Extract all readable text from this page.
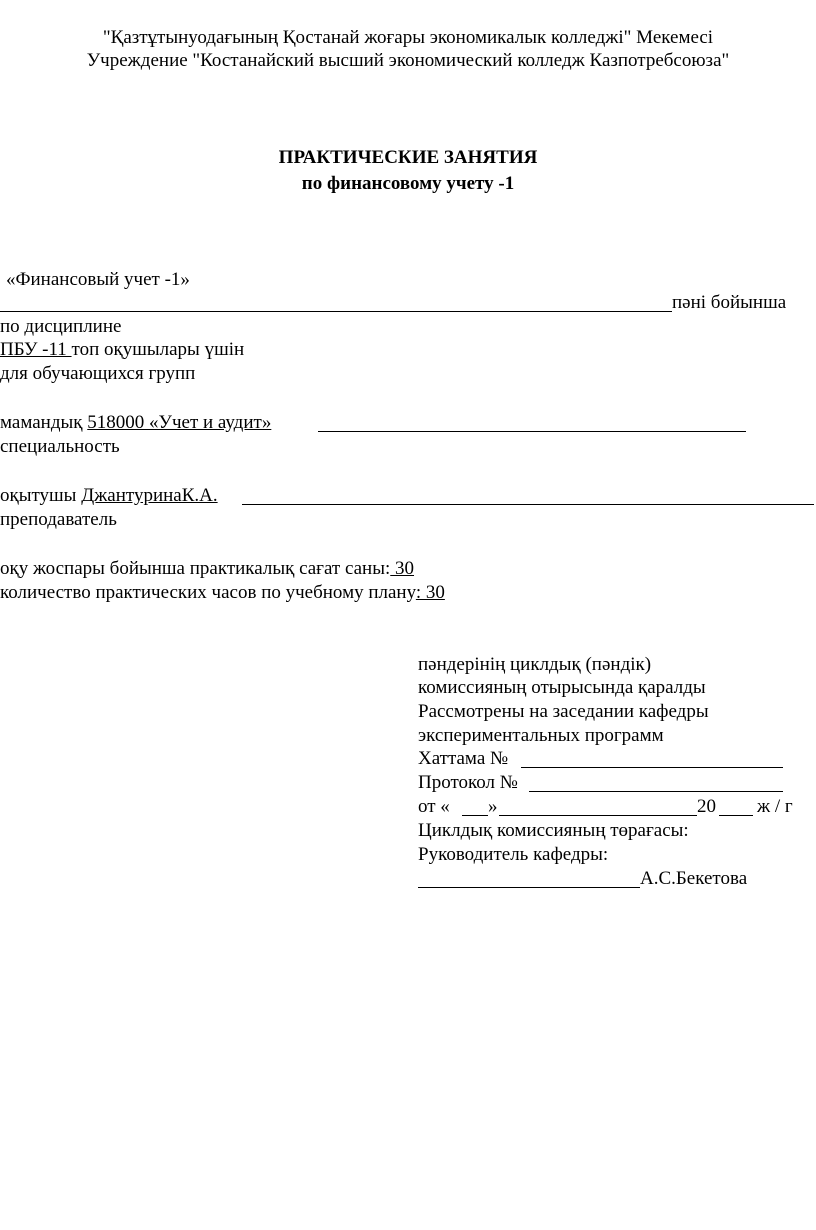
"Қазтұтынуодағының Қостанай жоғары экономикалык колледжі" Мекемесі
Учреждение "Костанайский высший экономический колледж Казпотребсоюза"
ПРАКТИЧЕСКИЕ ЗАНЯТИЯ
по финансовому учету -1
«Финансовый учет -1»
пәні бойынша
по дисциплине
ПБУ -11 топ оқушылары үшін
для обучающихся групп
мамандық 518000 «Учет и аудит»
специальность
оқытушы ДжантуринаК.А.
преподаватель
оқу жоспары бойынша практикалық сағат саны: 30
количество практических часов по учебному плану: 30
пәндерінің циклдық (пәндік)
комиссияның отырысында қаралды
Рассмотрены на заседании кафедры
экспериментальных программ
Хаттама №
Протокол №
от « »	20 ж / г
Циклдық комиссияның төрағасы:
Руководитель кафедры:
А.С.Бекетова
